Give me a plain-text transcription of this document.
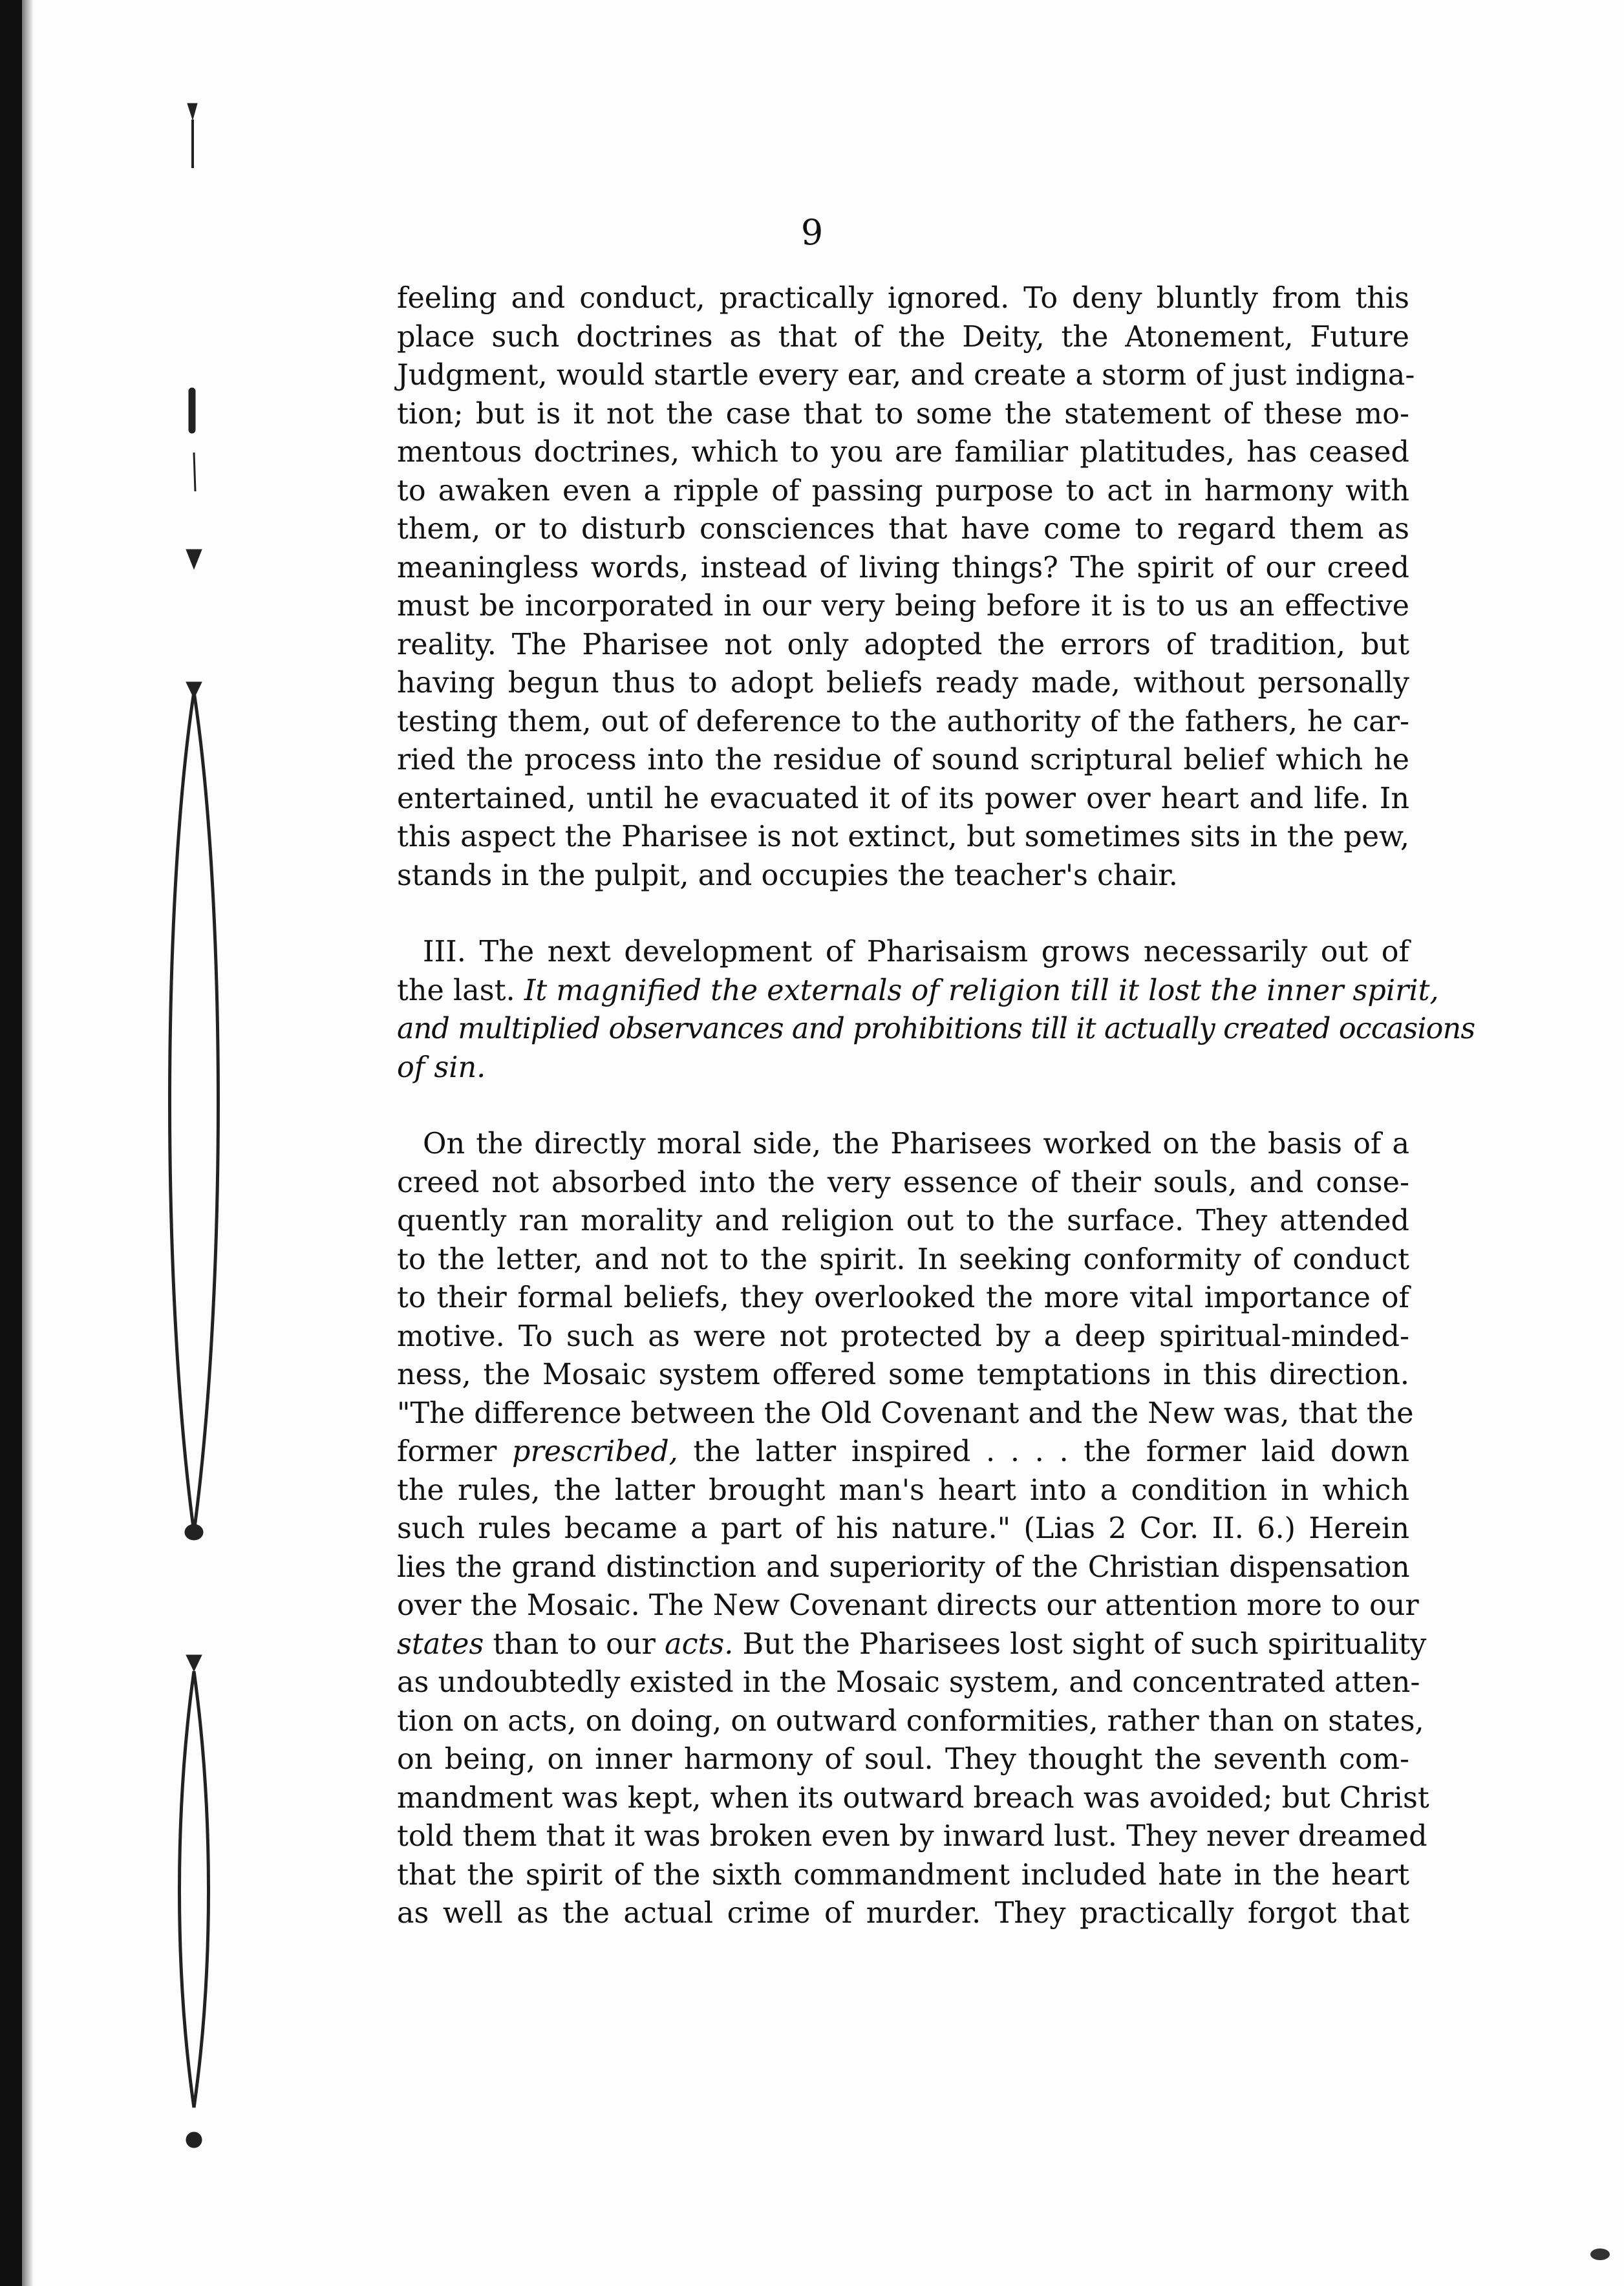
9

feeling and conduct, practically ignored. To deny bluntly from this
place such doctrines as that of the Deity, the Atonement, Future
Judgment, would startle every ear, and create a storm of just indigna-
tion; but is it not the case that to some the statement of these mo-
mentous doctrines, which to you are familiar platitudes, has ceased
to awaken even a ripple of passing purpose to act in harmony with
them, or to disturb consciences that have come to regard them as
meaningless words, instead of living things? The spirit of our creed
must be incorporated in our very being before it is to us an effective
reality. The Pharisee not only adopted the errors of tradition, but
having begun thus to adopt beliefs ready made, without personally
testing them, out of deference to the authority of the fathers, he car-
ried the process into the residue of sound scriptural belief which he
entertained, until he evacuated it of its power over heart and life. In
this aspect the Pharisee is not extinct, but sometimes sits in the pew,
stands in the pulpit, and occupies the teacher's chair.

III. The next development of Pharisaism grows necessarily out of
the last. It magnified the externals of religion till it lost the inner spirit,
and multiplied observances and prohibitions till it actually created occasions
of sin.

On the directly moral side, the Pharisees worked on the basis of a
creed not absorbed into the very essence of their souls, and conse-
quently ran morality and religion out to the surface. They attended
to the letter, and not to the spirit. In seeking conformity of conduct
to their formal beliefs, they overlooked the more vital importance of
motive. To such as were not protected by a deep spiritual-minded-
ness, the Mosaic system offered some temptations in this direction.
"The difference between the Old Covenant and the New was, that the
former prescribed, the latter inspired . . . . the former laid down
the rules, the latter brought man's heart into a condition in which
such rules became a part of his nature." (Lias 2 Cor. II. 6.) Herein
lies the grand distinction and superiority of the Christian dispensation
over the Mosaic. The New Covenant directs our attention more to our
states than to our acts. But the Pharisees lost sight of such spirituality
as undoubtedly existed in the Mosaic system, and concentrated atten-
tion on acts, on doing, on outward conformities, rather than on states,
on being, on inner harmony of soul. They thought the seventh com-
mandment was kept, when its outward breach was avoided; but Christ
told them that it was broken even by inward lust. They never dreamed
that the spirit of the sixth commandment included hate in the heart
as well as the actual crime of murder. They practically forgot that
